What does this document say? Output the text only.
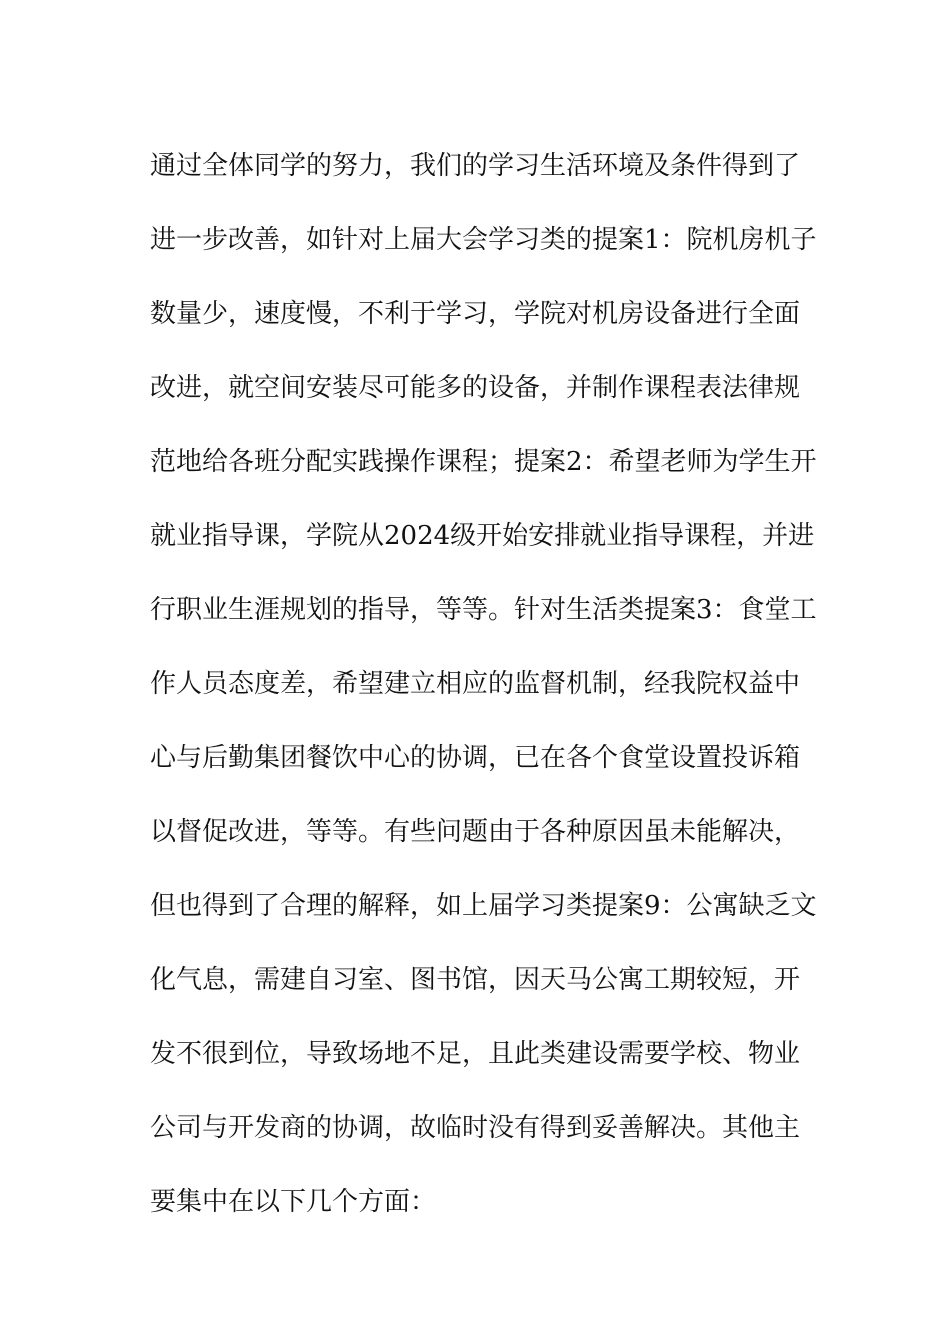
通过全体同学的努力，我们的学习生活环境及条件得到了
进一步改善，如针对上届大会学习类的提案1：院机房机子
数量少，速度慢，不利于学习，学院对机房设备进行全面
改进，就空间安装尽可能多的设备，并制作课程表法律规
范地给各班分配实践操作课程；提案2：希望老师为学生开
就业指导课，学院从2024级开始安排就业指导课程，并进
行职业生涯规划的指导，等等。针对生活类提案3：食堂工
作人员态度差，希望建立相应的监督机制，经我院权益中
心与后勤集团餐饮中心的协调，已在各个食堂设置投诉箱
以督促改进，等等。有些问题由于各种原因虽未能解决，
但也得到了合理的解释，如上届学习类提案9：公寓缺乏文
化气息，需建自习室、图书馆，因天马公寓工期较短，开
发不很到位，导致场地不足，且此类建设需要学校、物业
公司与开发商的协调，故临时没有得到妥善解决。其他主
要集中在以下几个方面：
